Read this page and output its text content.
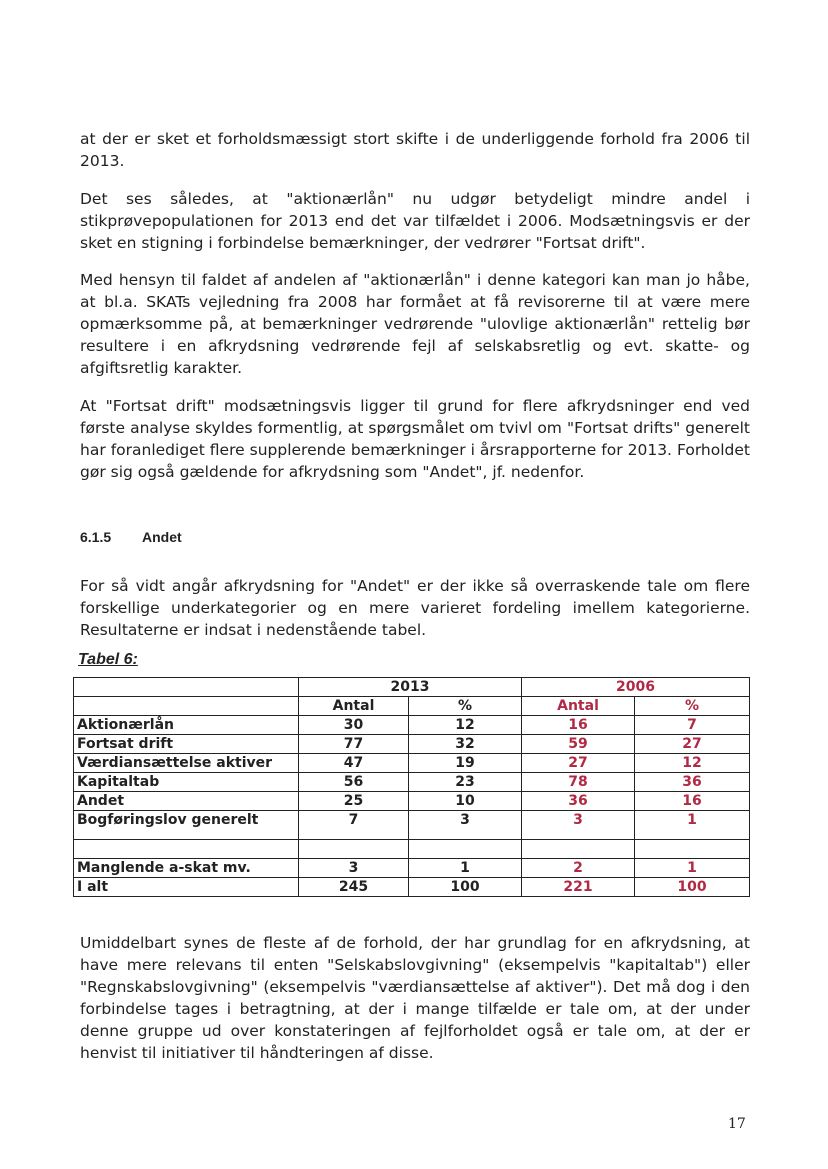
at der er sket et forholdsmæssigt stort skifte i de underliggende forhold fra 2006 til 2013.

Det ses således, at "aktionærlån" nu udgør betydeligt mindre andel i stikprøvepopulationen for 2013 end det var tilfældet i 2006. Modsætningsvis er der sket en stigning i forbindelse bemærkninger, der vedrører "Fortsat drift".

Med hensyn til faldet af andelen af "aktionærlån" i denne kategori kan man jo håbe, at bl.a. SKATs vejledning fra 2008 har formået at få revisorerne til at være mere opmærksomme på, at bemærkninger vedrørende "ulovlige aktionærlån" rettelig bør resultere i en afkrydsning vedrørende fejl af selskabsretlig og evt. skatte- og afgiftsretlig karakter.

At "Fortsat drift" modsætningsvis ligger til grund for flere afkrydsninger end ved første analyse skyldes formentlig, at spørgsmålet om tvivl om "Fortsat drifts" generelt har foranlediget flere supplerende bemærkninger i årsrapporterne for 2013. Forholdet gør sig også gældende for afkrydsning som "Andet", jf. nedenfor.

6.1.5 Andet

For så vidt angår afkrydsning for "Andet" er der ikke så overraskende tale om flere forskellige underkategorier og en mere varieret fordeling imellem kategorierne. Resultaterne er indsat i nedenstående tabel.

Tabel 6:
	2013		2006	
	Antal	%	Antal	%
Aktionærlån	30	12	16	7
Fortsat drift	77	32	59	27
Værdiansættelse aktiver	47	19	27	12
Kapitaltab	56	23	78	36
Andet	25	10	36	16
Bogføringslov generelt	7	3	3	1

Manglende a-skat mv.	3	1	2	1
I alt	245	100	221	100

Umiddelbart synes de fleste af de forhold, der har grundlag for en afkrydsning, at have mere relevans til enten "Selskabslovgivning" (eksempelvis "kapitaltab") eller "Regnskabslovgivning" (eksempelvis "værdiansættelse af aktiver"). Det må dog i den forbindelse tages i betragtning, at der i mange tilfælde er tale om, at der under denne gruppe ud over konstateringen af fejlforholdet også er tale om, at der er henvist til initiativer til håndteringen af disse.

17
